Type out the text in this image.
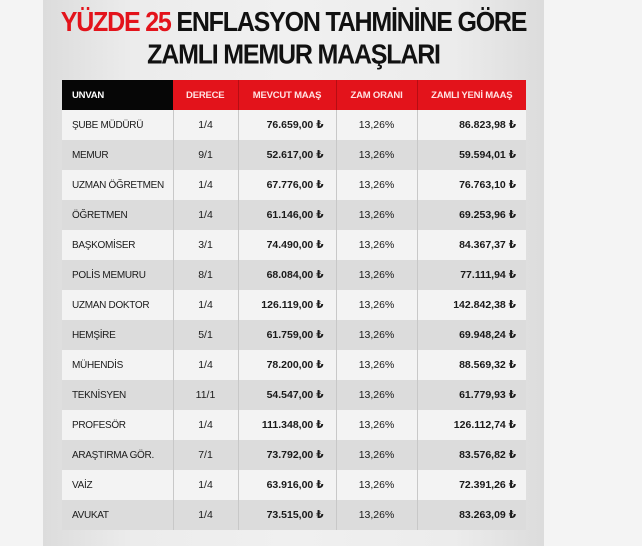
YÜZDE 25 ENFLASYON TAHMİNİNE GÖRE
ZAMLI MEMUR MAAŞLARI
UNVAN	DERECE	MEVCUT MAAŞ	ZAM ORANI	ZAMLI YENİ MAAŞ
ŞUBE MÜDÜRÜ	1/4	76.659,00 ₺	13,26%	86.823,98 ₺
MEMUR	9/1	52.617,00 ₺	13,26%	59.594,01 ₺
UZMAN ÖĞRETMEN	1/4	67.776,00 ₺	13,26%	76.763,10 ₺
ÖĞRETMEN	1/4	61.146,00 ₺	13,26%	69.253,96 ₺
BAŞKOMİSER	3/1	74.490,00 ₺	13,26%	84.367,37 ₺
POLİS MEMURU	8/1	68.084,00 ₺	13,26%	77.111,94 ₺
UZMAN DOKTOR	1/4	126.119,00 ₺	13,26%	142.842,38 ₺
HEMŞİRE	5/1	61.759,00 ₺	13,26%	69.948,24 ₺
MÜHENDİS	1/4	78.200,00 ₺	13,26%	88.569,32 ₺
TEKNİSYEN	11/1	54.547,00 ₺	13,26%	61.779,93 ₺
PROFESÖR	1/4	111.348,00 ₺	13,26%	126.112,74 ₺
ARAŞTIRMA GÖR.	7/1	73.792,00 ₺	13,26%	83.576,82 ₺
VAİZ	1/4	63.916,00 ₺	13,26%	72.391,26 ₺
AVUKAT	1/4	73.515,00 ₺	13,26%	83.263,09 ₺
